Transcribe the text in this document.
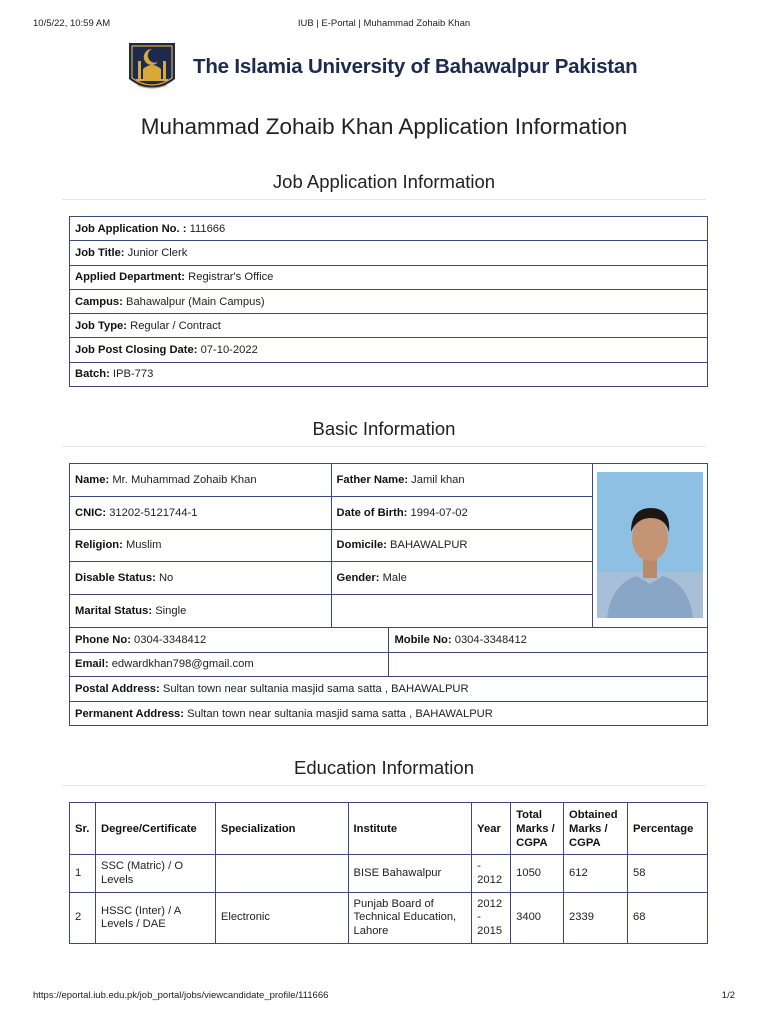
10/5/22, 10:59 AM	IUB | E-Portal | Muhammad Zohaib Khan
The Islamia University of Bahawalpur Pakistan
Muhammad Zohaib Khan Application Information
Job Application Information
Job Application No. : 111666
Job Title: Junior Clerk
Applied Department: Registrar's Office
Campus: Bahawalpur (Main Campus)
Job Type: Regular / Contract
Job Post Closing Date: 07-10-2022
Batch: IPB-773
Basic Information
Name: Mr. Muhammad Zohaib Khan	Father Name: Jamil khan	

CNIC: 31202-5121744-1	Date of Birth: 1994-07-02		
Religion: Muslim	Domicile: BAHAWALPUR		
Disable Status: No	Gender: Male		
Marital Status: Single			
Phone No: 0304-3348412		Mobile No: 0304-3348412	
Email: edwardkhan798@gmail.com			
Postal Address: Sultan town near sultania masjid sama satta , BAHAWALPUR			
Permanent Address: Sultan town near sultania masjid sama satta , BAHAWALPUR			
Education Information
Sr.	Degree/Certificate	Specialization	Institute	Year	Total Marks / CGPA	Obtained Marks / CGPA	Percentage
1	SSC (Matric) / O Levels		BISE Bahawalpur	- 2012	1050	612	58
2	HSSC (Inter) / A Levels / DAE	Electronic	Punjab Board of Technical Education, Lahore	2012 - 2015	3400	2339	68
https://eportal.iub.edu.pk/job_portal/jobs/viewcandidate_profile/111666	1/2
